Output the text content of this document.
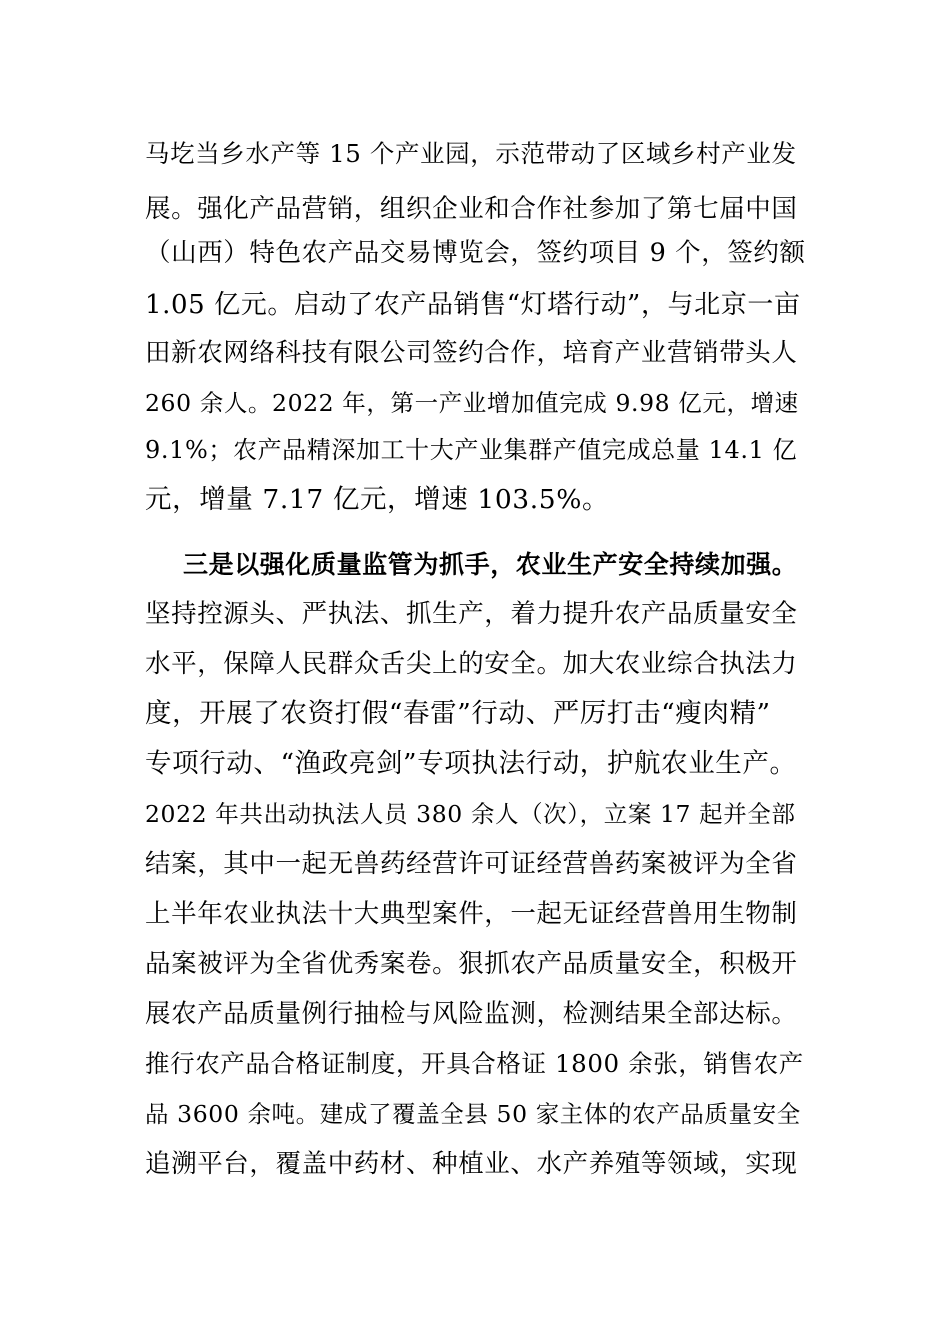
马圪当乡水产等 15 个产业园，示范带动了区域乡村产业发
展。强化产品营销，组织企业和合作社参加了第七届中国
（山西）特色农产品交易博览会，签约项目 9 个，签约额
1.05 亿元。启动了农产品销售“灯塔行动”，与北京一亩
田新农网络科技有限公司签约合作，培育产业营销带头人
260 余人。2022 年，第一产业增加值完成 9.98 亿元，增速
9.1%；农产品精深加工十大产业集群产值完成总量 14.1 亿
元，增量 7.17 亿元，增速 103.5%。
三是以强化质量监管为抓手，农业生产安全持续加强。
坚持控源头、严执法、抓生产，着力提升农产品质量安全
水平，保障人民群众舌尖上的安全。加大农业综合执法力
度，开展了农资打假“春雷”行动、严厉打击“瘦肉精”
专项行动、“渔政亮剑”专项执法行动，护航农业生产。
2022 年共出动执法人员 380 余人（次），立案 17 起并全部
结案，其中一起无兽药经营许可证经营兽药案被评为全省
上半年农业执法十大典型案件，一起无证经营兽用生物制
品案被评为全省优秀案卷。狠抓农产品质量安全，积极开
展农产品质量例行抽检与风险监测，检测结果全部达标。
推行农产品合格证制度，开具合格证 1800 余张，销售农产
品 3600 余吨。建成了覆盖全县 50 家主体的农产品质量安全
追溯平台，覆盖中药材、种植业、水产养殖等领域，实现
